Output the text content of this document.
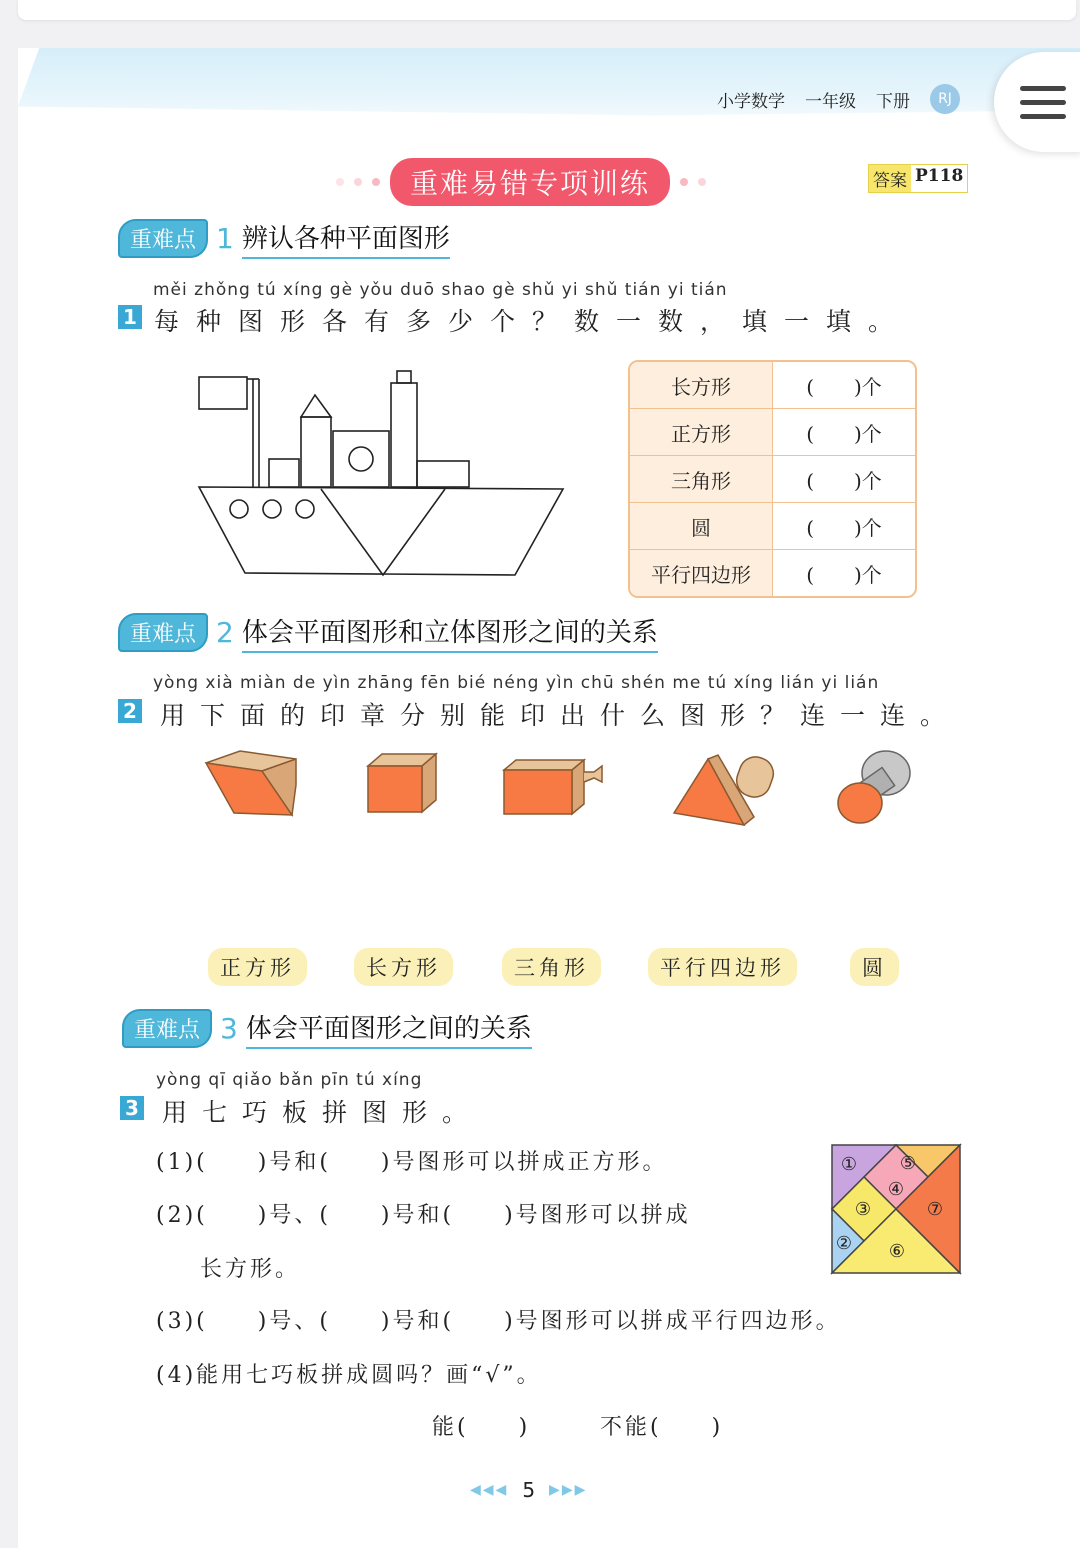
小学数学 一年级 下册	RJ
重难易错专项训练	答案 P118
重难点 1 辨认各种平面图形
měi zhǒng tú xíng gè yǒu duō shao gè shǔ yi shǔ tián yi tián
1 每种图形各有多少个？数一数，填一填。
长方形	(　　)个
正方形	(　　)个
三角形	(　　)个
圆	(　　)个
平行四边形	(　　)个
重难点 2 体会平面图形和立体图形之间的关系
yòng xià miàn de yìn zhāng fēn bié néng yìn chū shén me tú xíng lián yi lián
2 用下面的印章分别能印出什么图形？连一连。
正方形	长方形	三角形	平行四边形	圆
重难点 3 体会平面图形之间的关系
yòng qī qiǎo bǎn pīn tú xíng
3 用七巧板拼图形。
(1)(　　)号和(　　)号图形可以拼成正方形。
(2)(　　)号、(　　)号和(　　)号图形可以拼成
长方形。
(3)(　　)号、(　　)号和(　　)号图形可以拼成平行四边形。
(4)能用七巧板拼成圆吗？画“√”。
能(　　)	不能(　　)
①
②
③
④
⑤
⑥
⑦
◀◀◀ 5 ▶▶▶
